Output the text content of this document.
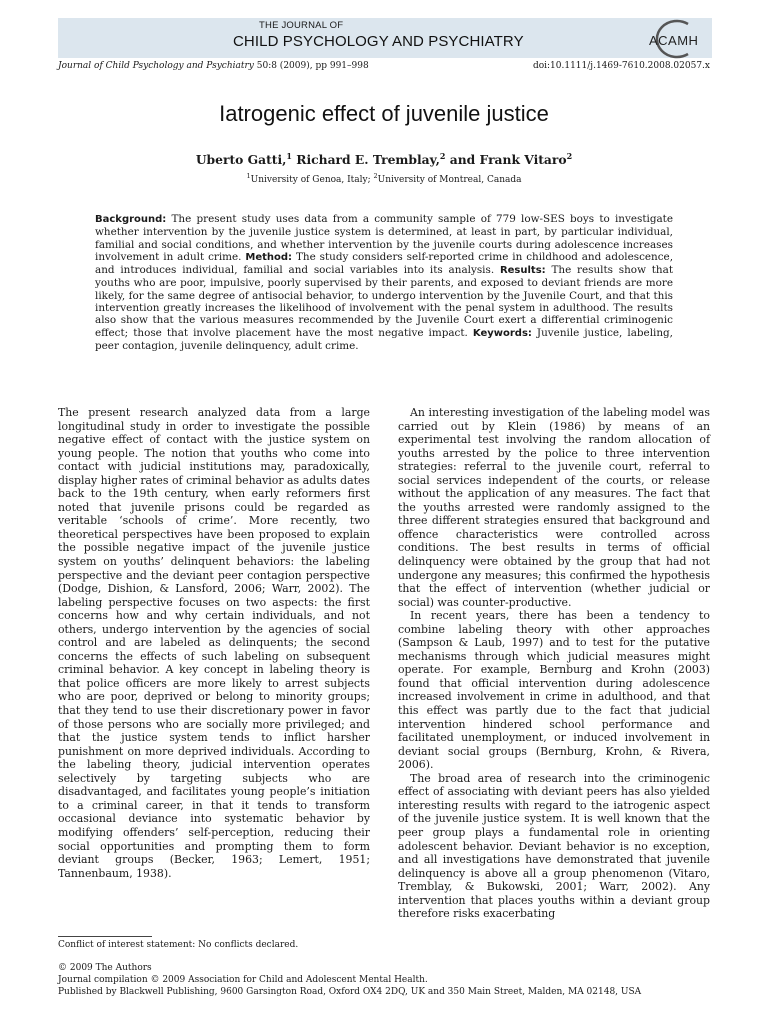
THE JOURNAL OF
CHILD PSYCHOLOGY AND PSYCHIATRY	ACAMH
Journal of Child Psychology and Psychiatry 50:8 (2009), pp 991–998	doi:10.1111/j.1469-7610.2008.02057.x
Iatrogenic effect of juvenile justice
Uberto Gatti,$^1$ Richard E. Tremblay,$^2$ and Frank Vitaro$^2$
$^1$University of Genoa, Italy; $^2$University of Montreal, Canada
Background: The present study uses data from a community sample of 779 low-SES boys to investigate whether intervention by the juvenile justice system is determined, at least in part, by particular individual, familial and social conditions, and whether intervention by the juvenile courts during adolescence increases involvement in adult crime. Method: The study considers self-reported crime in childhood and adolescence, and introduces individual, familial and social variables into its analysis. Results: The results show that youths who are poor, impulsive, poorly supervised by their parents, and exposed to deviant friends are more likely, for the same degree of antisocial behavior, to undergo intervention by the Juvenile Court, and that this intervention greatly increases the likelihood of involvement with the penal system in adulthood. The results also show that the various measures recommended by the Juvenile Court exert a differential criminogenic effect; those that involve placement have the most negative impact. Keywords: Juvenile justice, labeling, peer contagion, juvenile delinquency, adult crime.

The present research analyzed data from a large longitudinal study in order to investigate the possible negative effect of contact with the justice system on young people. The notion that youths who come into contact with judicial institutions may, paradoxically, display higher rates of criminal behavior as adults dates back to the 19th century, when early reformers first noted that juvenile prisons could be regarded as veritable ‘schools of crime’. More recently, two theoretical perspectives have been proposed to explain the possible negative impact of the juvenile justice system on youths’ delinquent behaviors: the labeling perspective and the deviant peer contagion perspective (Dodge, Dishion, & Lansford, 2006; Warr, 2002). The labeling perspective focuses on two aspects: the first concerns how and why certain individuals, and not others, undergo intervention by the agencies of social control and are labeled as delinquents; the second concerns the effects of such labeling on subsequent criminal behavior. A key concept in labeling theory is that police officers are more likely to arrest subjects who are poor, deprived or belong to minority groups; that they tend to use their discretionary power in favor of those persons who are socially more privileged; and that the justice system tends to inflict harsher punishment on more deprived individuals. According to the labeling theory, judicial intervention operates selectively by targeting subjects who are disadvantaged, and facilitates young people’s initiation to a criminal career, in that it tends to transform occasional deviance into systematic behavior by modifying offenders’ self-perception, reducing their social opportunities and prompting them to form deviant groups (Becker, 1963; Lemert, 1951; Tannenbaum, 1938).

An interesting investigation of the labeling model was carried out by Klein (1986) by means of an experimental test involving the random allocation of youths arrested by the police to three intervention strategies: referral to the juvenile court, referral to social services independent of the courts, or release without the application of any measures. The fact that the youths arrested were randomly assigned to the three different strategies ensured that background and offence characteristics were controlled across conditions. The best results in terms of official delinquency were obtained by the group that had not undergone any measures; this confirmed the hypothesis that the effect of intervention (whether judicial or social) was counter-productive.

In recent years, there has been a tendency to combine labeling theory with other approaches (Sampson & Laub, 1997) and to test for the putative mechanisms through which judicial measures might operate. For example, Bernburg and Krohn (2003) found that official intervention during adolescence increased involvement in crime in adulthood, and that this effect was partly due to the fact that judicial intervention hindered school performance and facilitated unemployment, or induced involvement in deviant social groups (Bernburg, Krohn, & Rivera, 2006).

The broad area of research into the criminogenic effect of associating with deviant peers has also yielded interesting results with regard to the iatrogenic aspect of the juvenile justice system. It is well known that the peer group plays a fundamental role in orienting adolescent behavior. Deviant behavior is no exception, and all investigations have demonstrated that juvenile delinquency is above all a group phenomenon (Vitaro, Tremblay, & Bukowski, 2001; Warr, 2002). Any intervention that places youths within a deviant group therefore risks exacerbating

Conflict of interest statement: No conflicts declared.
© 2009 The Authors
Journal compilation © 2009 Association for Child and Adolescent Mental Health.
Published by Blackwell Publishing, 9600 Garsington Road, Oxford OX4 2DQ, UK and 350 Main Street, Malden, MA 02148, USA
